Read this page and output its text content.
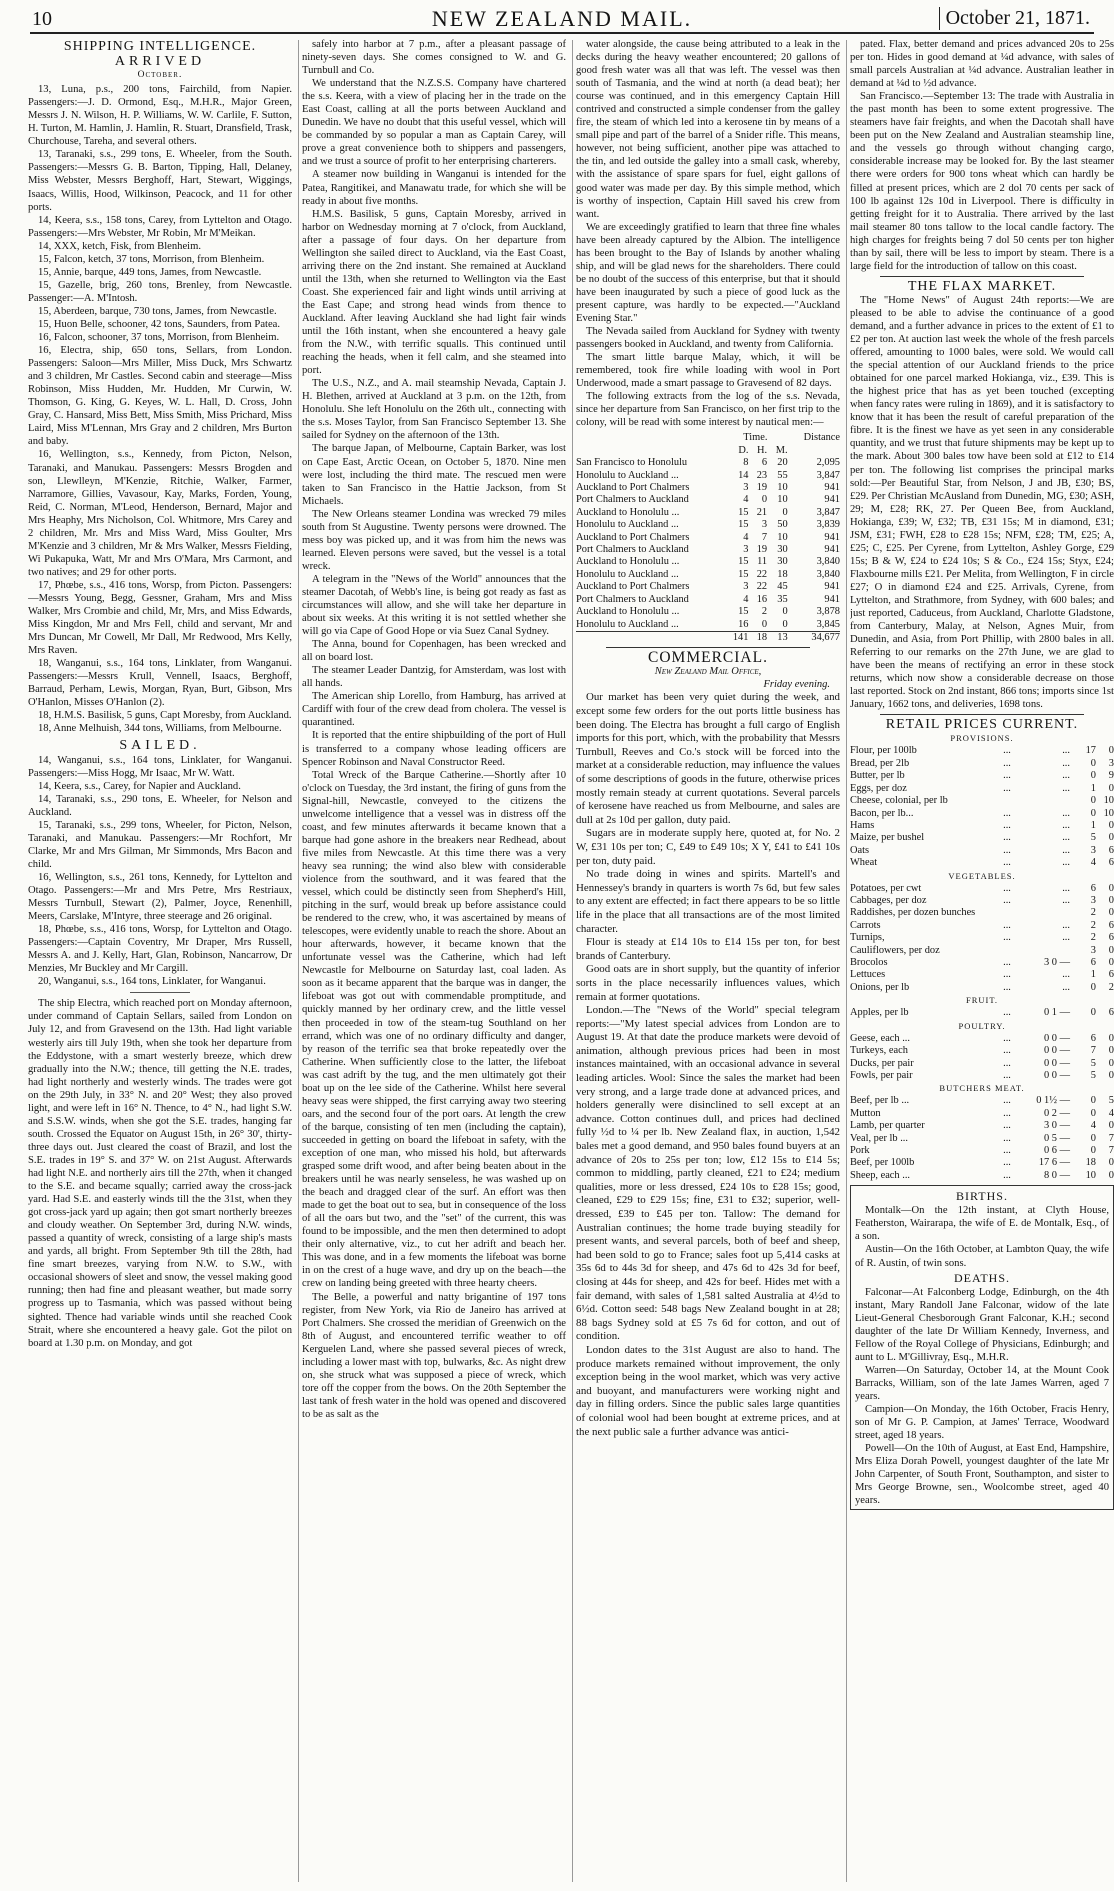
10	NEW ZEALAND MAIL.	October 21, 1871.
SHIPPING INTELLIGENCE.
ARRIVED
October.

13, Luna, p.s., 200 tons, Fairchild, from Napier. Passengers:—J. D. Ormond, Esq., M.H.R., Major Green, Messrs J. N. Wilson, H. P. Williams, W. W. Carlile, F. Sutton, H. Turton, M. Hamlin, J. Hamlin, R. Stuart, Dransfield, Trask, Churchouse, Tareha, and several others.

13, Taranaki, s.s., 299 tons, E. Wheeler, from the South. Passengers:—Messrs G. B. Barton, Tipping, Hall, Delaney, Miss Webster, Messrs Berghoff, Hart, Stewart, Wiggings, Isaacs, Willis, Hood, Wilkinson, Peacock, and 11 for other ports.

14, Keera, s.s., 158 tons, Carey, from Lyttelton and Otago. Passengers:—Mrs Webster, Mr Robin, Mr M'Meikan.

14, XXX, ketch, Fisk, from Blenheim.

15, Falcon, ketch, 37 tons, Morrison, from Blenheim.

15, Annie, barque, 449 tons, James, from Newcastle.

15, Gazelle, brig, 260 tons, Brenley, from Newcastle. Passenger:—A. M'Intosh.

15, Aberdeen, barque, 730 tons, James, from Newcastle.

15, Huon Belle, schooner, 42 tons, Saunders, from Patea.

16, Falcon, schooner, 37 tons, Morrison, from Blenheim.

16, Electra, ship, 650 tons, Sellars, from London. Passengers: Saloon—Mrs Miller, Miss Duck, Mrs Schwartz and 3 children, Mr Castles. Second cabin and steerage—Miss Robinson, Miss Hudden, Mr. Hudden, Mr Curwin, W. Thomson, G. King, G. Keyes, W. L. Hall, D. Cross, John Gray, C. Hansard, Miss Bett, Miss Smith, Miss Prichard, Miss Laird, Miss M'Lennan, Mrs Gray and 2 children, Mrs Burton and baby.

16, Wellington, s.s., Kennedy, from Picton, Nelson, Taranaki, and Manukau. Passengers: Messrs Brogden and son, Llewlleyn, M'Kenzie, Ritchie, Walker, Farmer, Narramore, Gillies, Vavasour, Kay, Marks, Forden, Young, Reid, C. Norman, M'Leod, Henderson, Bernard, Major and Mrs Heaphy, Mrs Nicholson, Col. Whitmore, Mrs Carey and 2 children, Mr. Mrs and Miss Ward, Miss Goulter, Mrs M'Kenzie and 3 children, Mr & Mrs Walker, Messrs Fielding, Wi Pukapuka, Watt, Mr and Mrs O'Mara, Mrs Carmont, and two natives; and 29 for other ports.

17, Phœbe, s.s., 416 tons, Worsp, from Picton. Passengers:—Messrs Young, Begg, Gessner, Graham, Mrs and Miss Walker, Mrs Crombie and child, Mr, Mrs, and Miss Edwards, Miss Kingdon, Mr and Mrs Fell, child and servant, Mr and Mrs Duncan, Mr Cowell, Mr Dall, Mr Redwood, Mrs Kelly, Mrs Raven.

18, Wanganui, s.s., 164 tons, Linklater, from Wanganui. Passengers:—Messrs Krull, Vennell, Isaacs, Berghoff, Barraud, Perham, Lewis, Morgan, Ryan, Burt, Gibson, Mrs O'Hanlon, Misses O'Hanlon (2).

18, H.M.S. Basilisk, 5 guns, Capt Moresby, from Auckland.

18, Anne Melhuish, 344 tons, Williams, from Melbourne.

SAILED.

14, Wanganui, s.s., 164 tons, Linklater, for Wanganui. Passengers:—Miss Hogg, Mr Isaac, Mr W. Watt.

14, Keera, s.s., Carey, for Napier and Auckland.

14, Taranaki, s.s., 290 tons, E. Wheeler, for Nelson and Auckland.

15, Taranaki, s.s., 299 tons, Wheeler, for Picton, Nelson, Taranaki, and Manukau. Passengers:—Mr Rochfort, Mr Clarke, Mr and Mrs Gilman, Mr Simmonds, Mrs Bacon and child.

16, Wellington, s.s., 261 tons, Kennedy, for Lyttelton and Otago. Passengers:—Mr and Mrs Petre, Mrs Restriaux, Messrs Turnbull, Stewart (2), Palmer, Joyce, Renenhill, Meers, Carslake, M'Intyre, three steerage and 26 original.

18, Phœbe, s.s., 416 tons, Worsp, for Lyttelton and Otago. Passengers:—Captain Coventry, Mr Draper, Mrs Russell, Messrs A. and J. Kelly, Hart, Glan, Robinson, Nancarrow, Dr Menzies, Mr Buckley and Mr Cargill.

20, Wanganui, s.s., 164 tons, Linklater, for Wanganui.

The ship Electra, which reached port on Monday afternoon, under command of Captain Sellars, sailed from London on July 12, and from Gravesend on the 13th. Had light variable westerly airs till July 19th, when she took her departure from the Eddystone, with a smart westerly breeze, which drew gradually into the N.W.; thence, till getting the N.E. trades, had light northerly and westerly winds. The trades were got on the 29th July, in 33° N. and 20° West; they also proved light, and were left in 16° N. Thence, to 4° N., had light S.W. and S.S.W. winds, when she got the S.E. trades, hanging far south. Crossed the Equator on August 15th, in 26° 30', thirty-three days out. Just cleared the coast of Brazil, and lost the S.E. trades in 19° S. and 37° W. on 21st August. Afterwards had light N.E. and northerly airs till the 27th, when it changed to the S.E. and became squally; carried away the cross-jack yard. Had S.E. and easterly winds till the the 31st, when they got cross-jack yard up again; then got smart northerly breezes and cloudy weather. On September 3rd, during N.W. winds, passed a quantity of wreck, consisting of a large ship's masts and yards, all bright. From September 9th till the 28th, had fine smart breezes, varying from N.W. to S.W., with occasional showers of sleet and snow, the vessel making good running; then had fine and pleasant weather, but made sorry progress up to Tasmania, which was passed without being sighted. Thence had variable winds until she reached Cook Strait, where she encountered a heavy gale. Got the pilot on board at 1.30 p.m. on Monday, and got

safely into harbor at 7 p.m., after a pleasant passage of ninety-seven days. She comes consigned to W. and G. Turnbull and Co.

We understand that the N.Z.S.S. Company have chartered the s.s. Keera, with a view of placing her in the trade on the East Coast, calling at all the ports between Auckland and Dunedin. We have no doubt that this useful vessel, which will be commanded by so popular a man as Captain Carey, will prove a great convenience both to shippers and passengers, and we trust a source of profit to her enterprising charterers.

A steamer now building in Wanganui is intended for the Patea, Rangitikei, and Manawatu trade, for which she will be ready in about five months.

H.M.S. Basilisk, 5 guns, Captain Moresby, arrived in harbor on Wednesday morning at 7 o'clock, from Auckland, after a passage of four days. On her departure from Wellington she sailed direct to Auckland, via the East Coast, arriving there on the 2nd instant. She remained at Auckland until the 13th, when she returned to Wellington via the East Coast. She experienced fair and light winds until arriving at the East Cape; and strong head winds from thence to Auckland. After leaving Auckland she had light fair winds until the 16th instant, when she encountered a heavy gale from the N.W., with terrific squalls. This continued until reaching the heads, when it fell calm, and she steamed into port.

The U.S., N.Z., and A. mail steamship Nevada, Captain J. H. Blethen, arrived at Auckland at 3 p.m. on the 12th, from Honolulu. She left Honolulu on the 26th ult., connecting with the s.s. Moses Taylor, from San Francisco September 13. She sailed for Sydney on the afternoon of the 13th.

The barque Japan, of Melbourne, Captain Barker, was lost on Cape East, Arctic Ocean, on October 5, 1870. Nine men were lost, including the third mate. The rescued men were taken to San Francisco in the Hattie Jackson, from St Michaels.

The New Orleans steamer Londina was wrecked 79 miles south from St Augustine. Twenty persons were drowned. The mess boy was picked up, and it was from him the news was learned. Eleven persons were saved, but the vessel is a total wreck.

A telegram in the "News of the World" announces that the steamer Dacotah, of Webb's line, is being got ready as fast as circumstances will allow, and she will take her departure in about six weeks. At this writing it is not settled whether she will go via Cape of Good Hope or via Suez Canal Sydney.

The Anna, bound for Copenhagen, has been wrecked and all on board lost.

The steamer Leader Dantzig, for Amsterdam, was lost with all hands.

The American ship Lorello, from Hamburg, has arrived at Cardiff with four of the crew dead from cholera. The vessel is quarantined.

It is reported that the entire shipbuilding of the port of Hull is transferred to a company whose leading officers are Spencer Robinson and Naval Constructor Reed.

Total Wreck of the Barque Catherine.—Shortly after 10 o'clock on Tuesday, the 3rd instant, the firing of guns from the Signal-hill, Newcastle, conveyed to the citizens the unwelcome intelligence that a vessel was in distress off the coast, and few minutes afterwards it became known that a barque had gone ashore in the breakers near Redhead, about five miles from Newcastle. At this time there was a very heavy sea running; the wind also blew with considerable violence from the southward, and it was feared that the vessel, which could be distinctly seen from Shepherd's Hill, pitching in the surf, would break up before assistance could be rendered to the crew, who, it was ascertained by means of telescopes, were evidently unable to reach the shore. About an hour afterwards, however, it became known that the unfortunate vessel was the Catherine, which had left Newcastle for Melbourne on Saturday last, coal laden. As soon as it became apparent that the barque was in danger, the lifeboat was got out with commendable promptitude, and quickly manned by her ordinary crew, and the little vessel then proceeded in tow of the steam-tug Southland on her errand, which was one of no ordinary difficulty and danger, by reason of the terrific sea that broke repeatedly over the Catherine. When sufficiently close to the latter, the lifeboat was cast adrift by the tug, and the men ultimately got their boat up on the lee side of the Catherine. Whilst here several heavy seas were shipped, the first carrying away two steering oars, and the second four of the port oars. At length the crew of the barque, consisting of ten men (including the captain), succeeded in getting on board the lifeboat in safety, with the exception of one man, who missed his hold, but afterwards grasped some drift wood, and after being beaten about in the breakers until he was nearly senseless, he was washed up on the beach and dragged clear of the surf. An effort was then made to get the boat out to sea, but in consequence of the loss of all the oars but two, and the "set" of the current, this was found to be impossible, and the men then determined to adopt their only alternative, viz., to cut her adrift and beach her. This was done, and in a few moments the lifeboat was borne in on the crest of a huge wave, and dry up on the beach—the crew on landing being greeted with three hearty cheers.

The Belle, a powerful and natty brigantine of 197 tons register, from New York, via Rio de Janeiro has arrived at Port Chalmers. She crossed the meridian of Greenwich on the 8th of August, and encountered terrific weather to off Kerguelen Land, where she passed several pieces of wreck, including a lower mast with top, bulwarks, &c. As night drew on, she struck what was supposed a piece of wreck, which tore off the copper from the bows. On the 20th September the last tank of fresh water in the hold was opened and discovered to be as salt as the

water alongside, the cause being attributed to a leak in the decks during the heavy weather encountered; 20 gallons of good fresh water was all that was left. The vessel was then south of Tasmania, and the wind at north (a dead beat); her course was continued, and in this emergency Captain Hill contrived and constructed a simple condenser from the galley fire, the steam of which led into a kerosene tin by means of a small pipe and part of the barrel of a Snider rifle. This means, however, not being sufficient, another pipe was attached to the tin, and led outside the galley into a small cask, whereby, with the assistance of spare spars for fuel, eight gallons of good water was made per day. By this simple method, which is worthy of inspection, Captain Hill saved his crew from want.

We are exceedingly gratified to learn that three fine whales have been already captured by the Albion. The intelligence has been brought to the Bay of Islands by another whaling ship, and will be glad news for the shareholders. There could be no doubt of the success of this enterprise, but that it should have been inaugurated by such a piece of good luck as the present capture, was hardly to be expected.—"Auckland Evening Star."

The Nevada sailed from Auckland for Sydney with twenty passengers booked in Auckland, and twenty from California.

The smart little barque Malay, which, it will be remembered, took fire while loading with wool in Port Underwood, made a smart passage to Gravesend of 82 days.

The following extracts from the log of the s.s. Nevada, since her departure from San Francisco, on her first trip to the colony, will be read with some interest by nautical men:—

	Time.			Distance
	D.	H.	M.	
San Francisco to Honolulu	8	6	20	2,095
Honolulu to Auckland ...	14	23	55	3,847
Auckland to Port Chalmers	3	19	10	941
Port Chalmers to Auckland	4	0	10	941
Auckland to Honolulu ...	15	21	0	3,847
Honolulu to Auckland ...	15	3	50	3,839
Auckland to Port Chalmers	4	7	10	941
Port Chalmers to Auckland	3	19	30	941
Auckland to Honolulu ...	15	11	30	3,840
Honolulu to Auckland ...	15	22	18	3,840
Auckland to Port Chalmers	3	22	45	941
Port Chalmers to Auckland	4	16	35	941
Auckland to Honolulu ...	15	2	0	3,878
Honolulu to Auckland ...	16	0	0	3,845
	141	18	13	34,677
COMMERCIAL.
New Zealand Mail Office,
Friday evening.

Our market has been very quiet during the week, and except some few orders for the out ports little business has been doing. The Electra has brought a full cargo of English imports for this port, which, with the probability that Messrs Turnbull, Reeves and Co.'s stock will be forced into the market at a considerable reduction, may influence the values of some descriptions of goods in the future, otherwise prices mostly remain steady at current quotations. Several parcels of kerosene have reached us from Melbourne, and sales are dull at 2s 10d per gallon, duty paid.

Sugars are in moderate supply here, quoted at, for No. 2 W, £31 10s per ton; C, £49 to £49 10s; X Y, £41 to £41 10s per ton, duty paid.

No trade doing in wines and spirits. Martell's and Hennessey's brandy in quarters is worth 7s 6d, but few sales to any extent are effected; in fact there appears to be so little life in the place that all transactions are of the most limited character.

Flour is steady at £14 10s to £14 15s per ton, for best brands of Canterbury.

Good oats are in short supply, but the quantity of inferior sorts in the place necessarily influences values, which remain at former quotations.

London.—The "News of the World" special telegram reports:—"My latest special advices from London are to August 19. At that date the produce markets were devoid of animation, although previous prices had been in most instances maintained, with an occasional advance in several leading articles. Wool: Since the sales the market had been very strong, and a large trade done at advanced prices, and holders generally were disinclined to sell except at an advance. Cotton continues dull, and prices had declined fully ½d to ¼ per lb. New Zealand flax, in auction, 1,542 bales met a good demand, and 950 bales found buyers at an advance of 20s to 25s per ton; low, £12 15s to £14 5s; common to middling, partly cleaned, £21 to £24; medium qualities, more or less dressed, £24 10s to £28 15s; good, cleaned, £29 to £29 15s; fine, £31 to £32; superior, well-dressed, £39 to £45 per ton. Tallow: The demand for Australian continues; the home trade buying steadily for present wants, and several parcels, both of beef and sheep, had been sold to go to France; sales foot up 5,414 casks at 35s 6d to 44s 3d for sheep, and 47s 6d to 42s 3d for beef, closing at 44s for sheep, and 42s for beef. Hides met with a fair demand, with sales of 1,581 salted Australia at 4½d to 6½d. Cotton seed: 548 bags New Zealand bought in at 28; 88 bags Sydney sold at £5 7s 6d for cotton, and out of condition.

London dates to the 31st August are also to hand. The produce markets remained without improvement, the only exception being in the wool market, which was very active and buoyant, and manufacturers were working night and day in filling orders. Since the public sales large quantities of colonial wool had been bought at extreme prices, and at the next public sale a further advance was antici-

pated. Flax, better demand and prices advanced 20s to 25s per ton. Hides in good demand at ¼d advance, with sales of small parcels Australian at ¼d advance. Australian leather in demand at ¼d to ½d advance.

San Francisco.—September 13: The trade with Australia in the past month has been to some extent progressive. The steamers have fair freights, and when the Dacotah shall have been put on the New Zealand and Australian steamship line, and the vessels go through without changing cargo, considerable increase may be looked for. By the last steamer there were orders for 900 tons wheat which can hardly be filled at present prices, which are 2 dol 70 cents per sack of 100 lb against 12s 10d in Liverpool. There is difficulty in getting freight for it to Australia. There arrived by the last mail steamer 80 tons tallow to the local candle factory. The high charges for freights being 7 dol 50 cents per ton higher than by sail, there will be less to import by steam. There is a large field for the introduction of tallow on this coast.

THE FLAX MARKET.

The "Home News" of August 24th reports:—We are pleased to be able to advise the continuance of a good demand, and a further advance in prices to the extent of £1 to £2 per ton. At auction last week the whole of the fresh parcels offered, amounting to 1000 bales, were sold. We would call the special attention of our Auckland friends to the price obtained for one parcel marked Hokianga, viz., £39. This is the highest price that has as yet been touched (excepting when fancy rates were ruling in 1869), and it is satisfactory to know that it has been the result of careful preparation of the fibre. It is the finest we have as yet seen in any considerable quantity, and we trust that future shipments may be kept up to the mark. About 300 bales tow have been sold at £12 to £14 per ton. The following list comprises the principal marks sold:—Per Beautiful Star, from Nelson, J and JB, £30; BS, £29. Per Christian McAusland from Dunedin, MG, £30; ASH, 29; M, £28; RK, 27. Per Queen Bee, from Auckland, Hokianga, £39; W, £32; TB, £31 15s; M in diamond, £31; JSM, £31; FWH, £28 to £28 15s; NFM, £28; TM, £25; A, £25; C, £25. Per Cyrene, from Lyttelton, Ashley Gorge, £29 15s; B & W, £24 to £24 10s; S & Co., £24 15s; Styx, £24; Flaxbourne mills £21. Per Melita, from Wellington, F in circle £27; O in diamond £24 and £25. Arrivals, Cyrene, from Lyttelton, and Strathmore, from Sydney, with 600 bales; and just reported, Caduceus, from Auckland, Charlotte Gladstone, from Canterbury, Malay, at Nelson, Agnes Muir, from Dunedin, and Asia, from Port Phillip, with 2800 bales in all. Referring to our remarks on the 27th June, we are glad to have been the means of rectifying an error in these stock returns, which now show a considerable decrease on those last reported. Stock on 2nd instant, 866 tons; imports since 1st January, 1662 tons, and deliveries, 1698 tons.

RETAIL PRICES CURRENT.
PROVISIONS.
Flour, per 100lb	...	...	17	0
Bread, per 2lb	...	...	0	3
Butter, per lb	...	...	0	9
Eggs, per doz	...	...	1	0
Cheese, colonial, per lb			0	10
Bacon, per lb...	...	...	0	10
Hams	...	...	1	0
Maize, per bushel	...	...	5	0
Oats	...	...	3	6
Wheat	...	...	4	6
VEGETABLES.
Potatoes, per cwt	...	...	6	0
Cabbages, per doz	...	...	3	0
Raddishes, per dozen bunches			2	0
Carrots	...	...	2	6
Turnips,	...	...	2	6
Cauliflowers, per doz			3	0
Brocolos	...	3 0 —	6	0
Lettuces	...	...	1	6
Onions, per lb	...	...	0	2
FRUIT.
Apples, per lb	...	0 1 —	0	6
POULTRY.
Geese, each ...	...	0 0 —	6	0
Turkeys, each	...	0 0 —	7	0
Ducks, per pair	...	0 0 —	5	0
Fowls, per pair	...	0 0 —	5	0
BUTCHERS MEAT.
Beef, per lb ...	...	0 1½ —	0	5
Mutton	...	0 2 —	0	4
Lamb, per quarter	...	3 0 —	4	0
Veal, per lb ...	...	0 5 —	0	7
Pork	...	0 6 —	0	7
Beef, per 100lb	...	17 6 —	18	0
Sheep, each ...	...	8 0 —	10	0
BIRTHS.

Montalk—On the 12th instant, at Clyth House, Featherston, Wairarapa, the wife of E. de Montalk, Esq., of a son.

Austin—On the 16th October, at Lambton Quay, the wife of R. Austin, of twin sons.

DEATHS.

Falconar—At Falconberg Lodge, Edinburgh, on the 4th instant, Mary Randoll Jane Falconar, widow of the late Lieut-General Chesborough Grant Falconar, K.H.; second daughter of the late Dr William Kennedy, Inverness, and Fellow of the Royal College of Physicians, Edinburgh; and aunt to L. M'Gillivray, Esq., M.H.R.

Warren—On Saturday, October 14, at the Mount Cook Barracks, William, son of the late James Warren, aged 7 years.

Campion—On Monday, the 16th October, Fracis Henry, son of Mr G. P. Campion, at James' Terrace, Woodward street, aged 18 years.

Powell—On the 10th of August, at East End, Hampshire, Mrs Eliza Dorah Powell, youngest daughter of the late Mr John Carpenter, of South Front, Southampton, and sister to Mrs George Browne, sen., Woolcombe street, aged 40 years.
